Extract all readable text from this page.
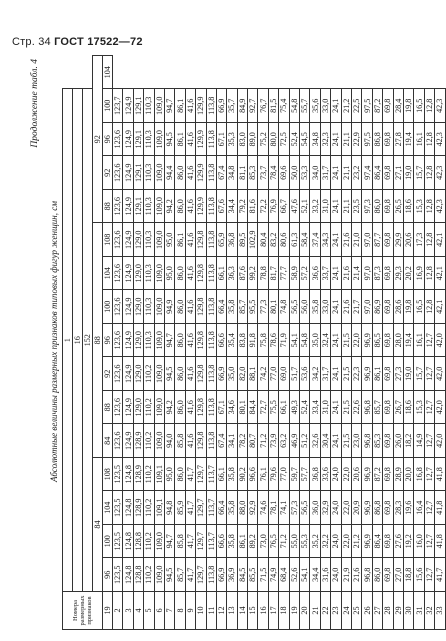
Стр. 34 ГОСТ 17522—72
Продолжение табл. 4
Абсолютные величины размерных признаков типовых фигур женщин, см
Номера размерных признаков	1															
	16															
	152															
	84				88							92				
19	96	100	104	108	84	88	92	96	100	104	108	88	92	96	100	104
2	123,5	123,5	123,5	123,5	123,6	123,6	123,6	123,6	123,6	123,6	123,6	123,6	123,6	123,6	123,7	
3	124,8	124,8	124,8	124,8	124,9	124,9	124,9	124,9	124,9	124,9	124,9	124,9	124,9	124,9	124,9	
4	128,8	128,8	128,9	128,9	128,9	129,0	129,0	129,0	129,0	129,0	129,0	129,1	129,1	129,1	129,1	
5	110,2	110,2	110,2	110,2	110,2	110,2	110,2	110,3	110,3	110,3	110,3	110,3	110,3	110,3	110,3	
6	109,0	109,0	109,1	109,1	109,0	109,0	109,0	109,0	109,0	109,0	109,0	109,0	109,0	109,0	109,0	
7	94,5	94,7	94,8	95,0	94,0	94,2	94,5	94,7	94,9	95,0	95,0	94,2	94,4	94,5	94,7	
8	85,7	85,8	85,9	86,0	85,8	86,0	86,0	86,0	86,0	86,0	86,1	86,0	86,0	86,1	86,1	
9	41,7	41,7	41,7	41,7	41,6	41,6	41,6	41,6	41,6	41,6	41,6	41,6	41,6	41,6	41,6	
10	129,7	129,7	129,7	129,7	129,8	129,8	129,8	129,8	129,8	129,8	129,8	129,9	129,9	129,9	129,9	
11	113,8	113,7	113,7	113,7	113,8	113,8	113,8	113,8	113,8	113,8	113,8	113,8	113,8	113,8	113,8	
12	66,9	66,6	66,4	66,1	67,4	67,1	66,9	66,6	66,4	66,1	65,9	67,6	67,4	67,1	66,9	
13	36,9	35,8	35,8	35,8	34,1	34,6	35,0	35,4	35,8	36,3	36,8	34,4	34,8	35,3	35,7	
14	84,5	86,1	88,0	90,2	78,2	80,1	82,0	83,8	85,7	87,6	89,5	79,2	81,1	83,0	84,9	
15	85,5	89,2	92,9	96,6	80,7	84,4	88,1	91,8	95,5	99,2	102,9	81,6	85,3	89,0	92,7	
16	71,5	73,0	74,6	76,1	71,2	72,7	74,2	75,8	77,3	78,8	80,4	72,2	73,7	75,2	76,7	
17	74,9	76,5	78,1	79,6	73,9	75,5	77,0	78,6	80,1	81,7	83,2	76,9	78,4	80,0	81,5	
18	68,4	71,2	74,1	77,0	63,2	66,1	69,0	71,9	74,8	77,7	80,6	66,7	69,6	72,5	75,4	
19	52,6	55,0	57,3	59,7	46,9	49,3	51,7	54,1	56,5	58,9	61,3	47,6	50,0	52,4	54,8	
20	54,1	55,3	56,5	57,7	51,2	52,4	53,6	54,8	56,0	57,2	58,4	52,1	53,3	54,5	55,7	
21	34,4	35,2	36,0	36,8	32,6	33,4	34,2	35,0	35,8	36,6	37,4	33,2	34,0	34,8	35,6	
22	31,6	32,2	32,9	33,6	30,4	31,0	31,7	32,4	33,0	33,7	34,3	31,0	31,7	32,3	33,0	
23	24,0	24,0	24,0	24,0	24,1	24,1	24,1	24,1	24,1	24,1	24,1	24,1	24,1	24,1	24,1	
24	21,9	22,0	22,0	22,0	21,5	21,5	21,5	21,5	21,6	21,6	21,6	21,1	21,1	21,1	21,2	
25	21,6	21,2	20,9	20,6	23,0	22,6	22,3	22,0	21,7	21,4	21,0	23,5	23,2	22,9	22,5	
26	96,8	96,9	96,9	96,9	96,8	96,8	96,9	96,9	97,0	97,0	97,0	97,3	97,4	97,5	97,5	
27	86,0	86,4	86,8	87,2	85,3	85,7	86,1	86,5	86,9	87,3	87,7	86,0	86,4	86,8	87,2	
28	69,8	69,8	69,8	69,8	69,8	69,8	69,8	69,8	69,8	69,8	69,8	69,8	69,8	69,8	69,8	
29	27,0	27,6	28,3	28,9	26,0	26,7	27,3	28,0	28,6	29,3	29,9	26,5	27,1	27,8	28,4	
30	18,8	19,2	19,6	20,0	18,2	18,6	19,0	19,4	19,8	20,2	20,6	18,6	19,0	19,4	19,8	
31	15,6	16,0	16,4	16,8	14,9	15,3	15,7	16,1	16,5	16,9	17,3	15,3	15,7	16,1	16,5	
32	12,7	12,7	12,7	12,7	12,7	12,7	12,7	12,7	12,8	12,8	12,8	12,8	12,8	12,8	12,8	
33	41,7	41,8	41,8	41,8	42,0	42,0	42,0	42,0	42,1	42,1	42,1	42,3	42,3	42,3	42,3	
